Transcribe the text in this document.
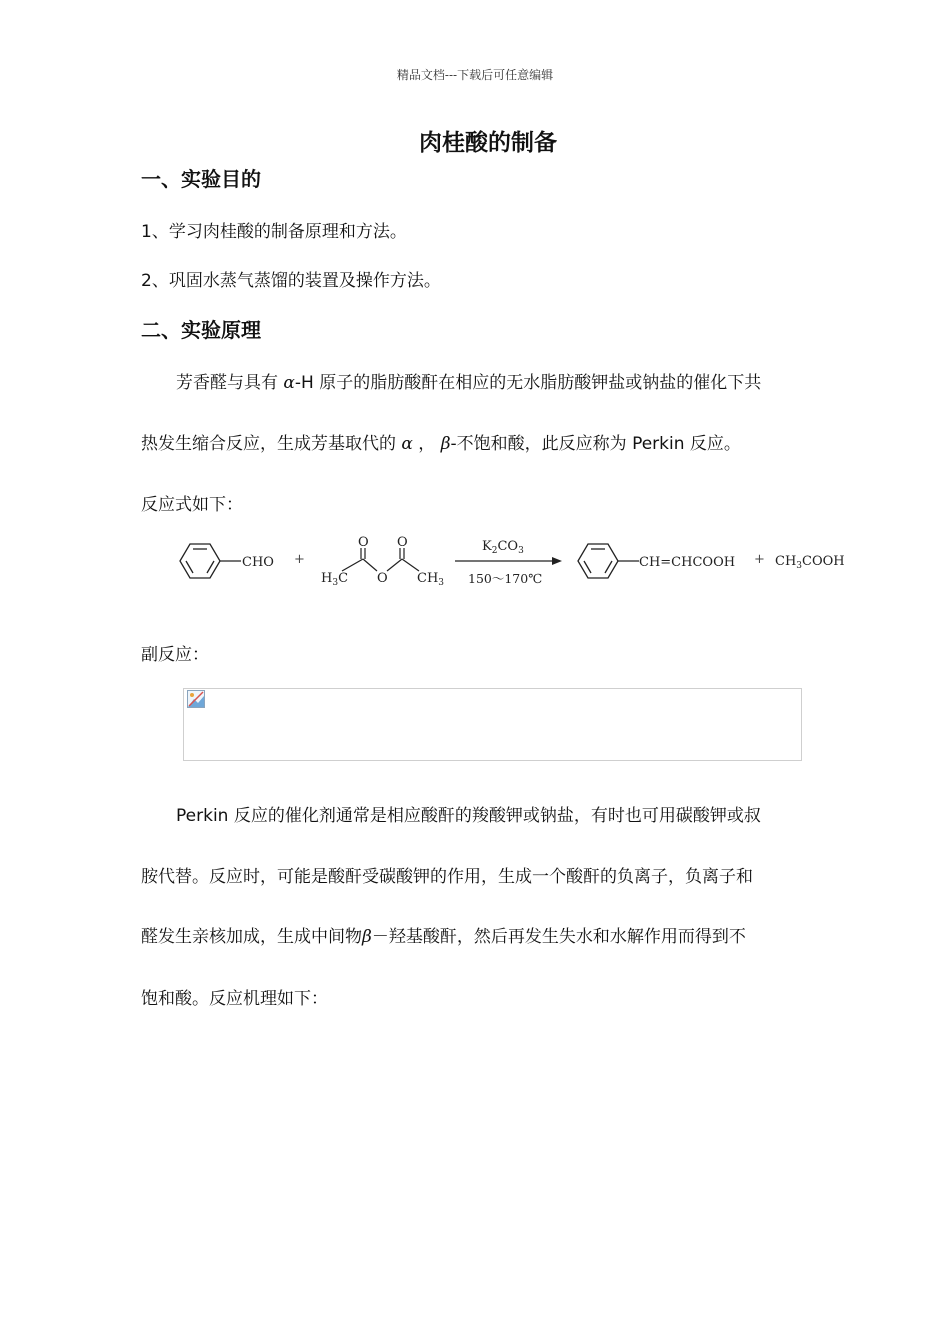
精品文档---下载后可任意编辑
肉桂酸的制备
一、实验目的
1、学习肉桂酸的制备原理和方法。
2、巩固水蒸气蒸馏的装置及操作方法。
二、实验原理
芳香醛与具有 α-H 原子的脂肪酸酐在相应的无水脂肪酸钾盐或钠盐的催化下共
热发生缩合反应，生成芳基取代的 α ， β-不饱和酸，此反应称为 Perkin 反应。
反应式如下：
CHO +
O O
O
$H_3C$	$CH_3$
$K_2CO_3$
150～170℃
CH=CHCOOH + $CH_3COOH$
副反应：
Perkin 反应的催化剂通常是相应酸酐的羧酸钾或钠盐，有时也可用碳酸钾或叔
胺代替。反应时，可能是酸酐受碳酸钾的作用，生成一个酸酐的负离子，负离子和
醛发生亲核加成，生成中间物β－羟基酸酐，然后再发生失水和水解作用而得到不
饱和酸。反应机理如下：
